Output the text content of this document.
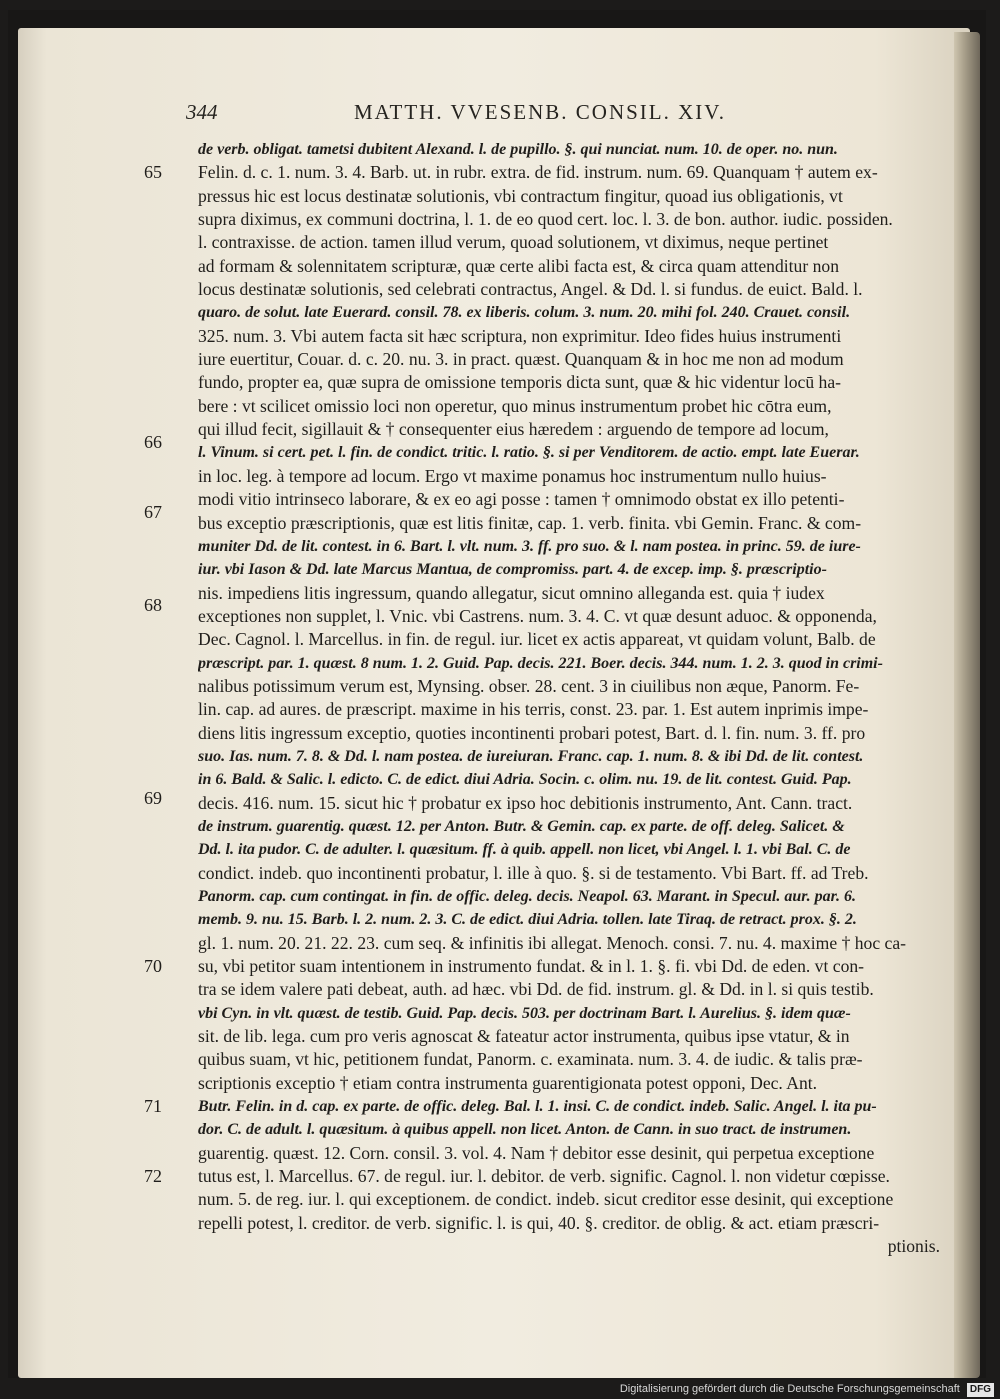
344	MATTH. VVESENB. CONSIL. XIV.
65
66
67
68
69
70
71
72
de verb. obligat. tametsi dubitent Alexand. l. de pupillo. §. qui nunciat. num. 10. de oper. no. nun.
Felin. d. c. 1. num. 3. 4. Barb. ut. in rubr. extra. de fid. instrum. num. 69. Quanquam † autem ex-
pressus hic est locus destinatæ solutionis, vbi contractum fingitur, quoad ius obligationis, vt
supra diximus, ex communi doctrina, l. 1. de eo quod cert. loc. l. 3. de bon. author. iudic. possiden.
l. contraxisse. de action. tamen illud verum, quoad solutionem, vt diximus, neque pertinet
ad formam & solennitatem scripturæ, quæ certe alibi facta est, & circa quam attenditur non
locus destinatæ solutionis, sed celebrati contractus, Angel. & Dd. l. si fundus. de euict. Bald. l.
quaro. de solut. late Euerard. consil. 78. ex liberis. colum. 3. num. 20. mihi fol. 240. Crauet. consil.
325. num. 3. Vbi autem facta sit hæc scriptura, non exprimitur. Ideo fides huius instrumenti
iure euertitur, Couar. d. c. 20. nu. 3. in pract. quæst. Quanquam & in hoc me non ad modum
fundo, propter ea, quæ supra de omissione temporis dicta sunt, quæ & hic videntur locū ha-
bere : vt scilicet omissio loci non operetur, quo minus instrumentum probet hic cōtra eum,
qui illud fecit, sigillauit & † consequenter eius hæredem : arguendo de tempore ad locum,
l. Vinum. si cert. pet. l. fin. de condict. tritic. l. ratio. §. si per Venditorem. de actio. empt. late Euerar.
in loc. leg. à tempore ad locum. Ergo vt maxime ponamus hoc instrumentum nullo huius-
modi vitio intrinseco laborare, & ex eo agi posse : tamen † omnimodo obstat ex illo petenti-
bus exceptio præscriptionis, quæ est litis finitæ, cap. 1. verb. finita. vbi Gemin. Franc. & com-
muniter Dd. de lit. contest. in 6. Bart. l. vlt. num. 3. ff. pro suo. & l. nam postea. in princ. 59. de iure-
iur. vbi Iason & Dd. late Marcus Mantua, de compromiss. part. 4. de excep. imp. §. præscriptio-
nis. impediens litis ingressum, quando allegatur, sicut omnino alleganda est. quia † iudex
exceptiones non supplet, l. Vnic. vbi Castrens. num. 3. 4. C. vt quæ desunt aduoc. & opponenda,
Dec. Cagnol. l. Marcellus. in fin. de regul. iur. licet ex actis appareat, vt quidam volunt, Balb. de
præscript. par. 1. quæst. 8 num. 1. 2. Guid. Pap. decis. 221. Boer. decis. 344. num. 1. 2. 3. quod in crimi-
nalibus potissimum verum est, Mynsing. obser. 28. cent. 3 in ciuilibus non æque, Panorm. Fe-
lin. cap. ad aures. de præscript. maxime in his terris, const. 23. par. 1. Est autem inprimis impe-
diens litis ingressum exceptio, quoties incontinenti probari potest, Bart. d. l. fin. num. 3. ff. pro
suo. Ias. num. 7. 8. & Dd. l. nam postea. de iureiuran. Franc. cap. 1. num. 8. & ibi Dd. de lit. contest.
in 6. Bald. & Salic. l. edicto. C. de edict. diui Adria. Socin. c. olim. nu. 19. de lit. contest. Guid. Pap.
decis. 416. num. 15. sicut hic † probatur ex ipso hoc debitionis instrumento, Ant. Cann. tract.
de instrum. guarentig. quæst. 12. per Anton. Butr. & Gemin. cap. ex parte. de off. deleg. Salicet. &
Dd. l. ita pudor. C. de adulter. l. quæsitum. ff. à quib. appell. non licet, vbi Angel. l. 1. vbi Bal. C. de
condict. indeb. quo incontinenti probatur, l. ille à quo. §. si de testamento. Vbi Bart. ff. ad Treb.
Panorm. cap. cum contingat. in fin. de offic. deleg. decis. Neapol. 63. Marant. in Specul. aur. par. 6.
memb. 9. nu. 15. Barb. l. 2. num. 2. 3. C. de edict. diui Adria. tollen. late Tiraq. de retract. prox. §. 2.
gl. 1. num. 20. 21. 22. 23. cum seq. & infinitis ibi allegat. Menoch. consi. 7. nu. 4. maxime † hoc ca-
su, vbi petitor suam intentionem in instrumento fundat. & in l. 1. §. fi. vbi Dd. de eden. vt con-
tra se idem valere pati debeat, auth. ad hæc. vbi Dd. de fid. instrum. gl. & Dd. in l. si quis testib.
vbi Cyn. in vlt. quæst. de testib. Guid. Pap. decis. 503. per doctrinam Bart. l. Aurelius. §. idem quæ-
sit. de lib. lega. cum pro veris agnoscat & fateatur actor instrumenta, quibus ipse vtatur, & in
quibus suam, vt hic, petitionem fundat, Panorm. c. examinata. num. 3. 4. de iudic. & talis præ-
scriptionis exceptio † etiam contra instrumenta guarentigionata potest opponi, Dec. Ant.
Butr. Felin. in d. cap. ex parte. de offic. deleg. Bal. l. 1. insi. C. de condict. indeb. Salic. Angel. l. ita pu-
dor. C. de adult. l. quæsitum. à quibus appell. non licet. Anton. de Cann. in suo tract. de instrumen.
guarentig. quæst. 12. Corn. consil. 3. vol. 4. Nam † debitor esse desinit, qui perpetua exceptione
tutus est, l. Marcellus. 67. de regul. iur. l. debitor. de verb. signific. Cagnol. l. non videtur cœpisse.
num. 5. de reg. iur. l. qui exceptionem. de condict. indeb. sicut creditor esse desinit, qui exceptione
repelli potest, l. creditor. de verb. signific. l. is qui, 40. §. creditor. de oblig. & act. etiam præscri-
ptionis.
Digitalisierung gefördert durch die Deutsche Forschungsgemeinschaft DFG
